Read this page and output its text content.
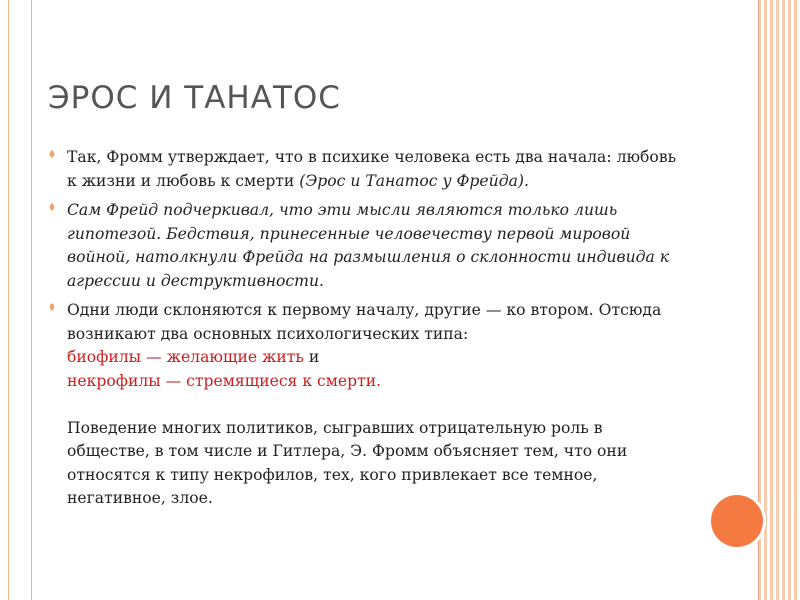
ЭРОС И ТАНАТОС
Так, Фромм утверждает, что в психике человека есть два начала: любовь к жизни и любовь к смерти (Эрос и Танатос у Фрейда).
Сам Фрейд подчеркивал, что эти мысли являются только лишь гипотезой. Бедствия, принесенные человечеству первой мировой войной, натолкнули Фрейда на размышления о склонности индивида к агрессии и деструктивности.
Одни люди склоняются к первому началу, другие — ко втором. Отсюда возникают два основных психологических типа:
биофилы — желающие жить и
некрофилы — стремящиеся к смерти.
Поведение многих политиков, сыгравших отрицательную роль в обществе, в том числе и Гитлера, Э. Фромм объясняет тем, что они относятся к типу некрофилов, тех, кого привлекает все темное, негативное, злое.
